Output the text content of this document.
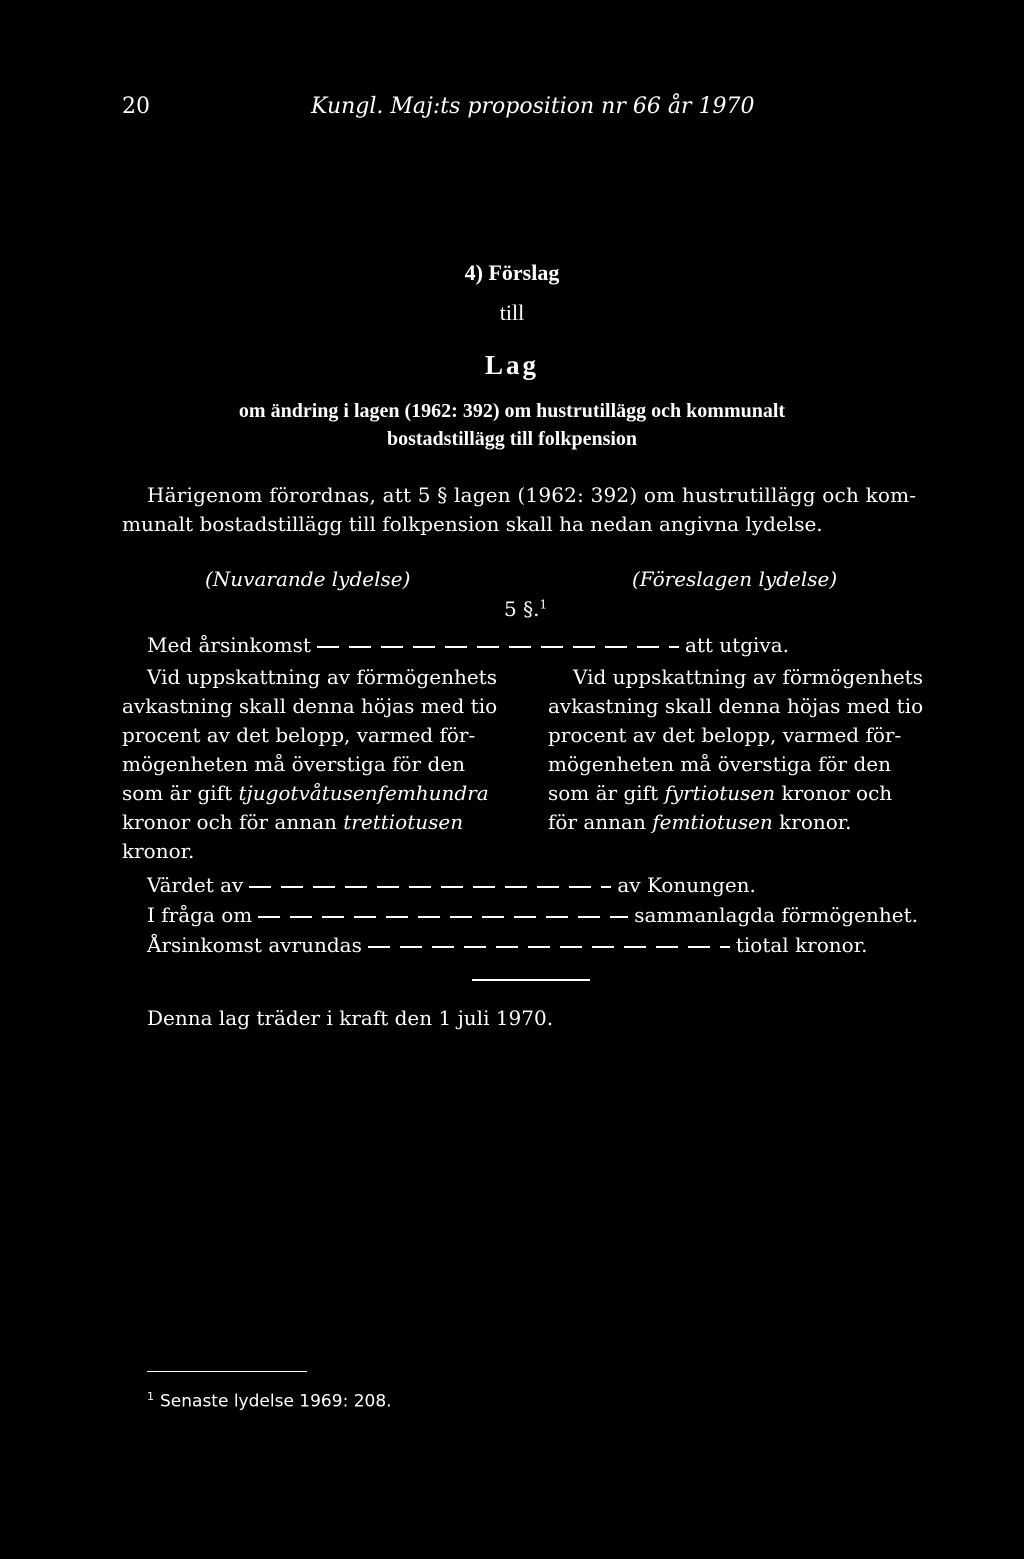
20	Kungl. Maj:ts proposition nr 66 år 1970
4) Förslag
till
Lag
om ändring i lagen (1962: 392) om hustrutillägg och kommunalt
bostadstillägg till folkpension
Härigenom förordnas, att 5 § lagen (1962: 392) om hustrutillägg och kom-
munalt bostadstillägg till folkpension skall ha nedan angivna lydelse.
(Nuvarande lydelse)	(Föreslagen lydelse)
5 §.$^1$
Med årsinkomst	att utgiva.
Vid uppskattning av förmögenhets
avkastning skall denna höjas med tio
procent av det belopp, varmed för-
mögenheten må överstiga för den
som är gift tjugotvåtusenfemhundra
kronor och för annan trettiotusen
kronor.
Vid uppskattning av förmögenhets
avkastning skall denna höjas med tio
procent av det belopp, varmed för-
mögenheten må överstiga för den
som är gift fyrtiotusen kronor och
för annan femtiotusen kronor.
Värdet av	av Konungen.
I fråga om	sammanlagda förmögenhet.
Årsinkomst avrundas	tiotal kronor.
Denna lag träder i kraft den 1 juli 1970.
$^1$ Senaste lydelse 1969: 208.
